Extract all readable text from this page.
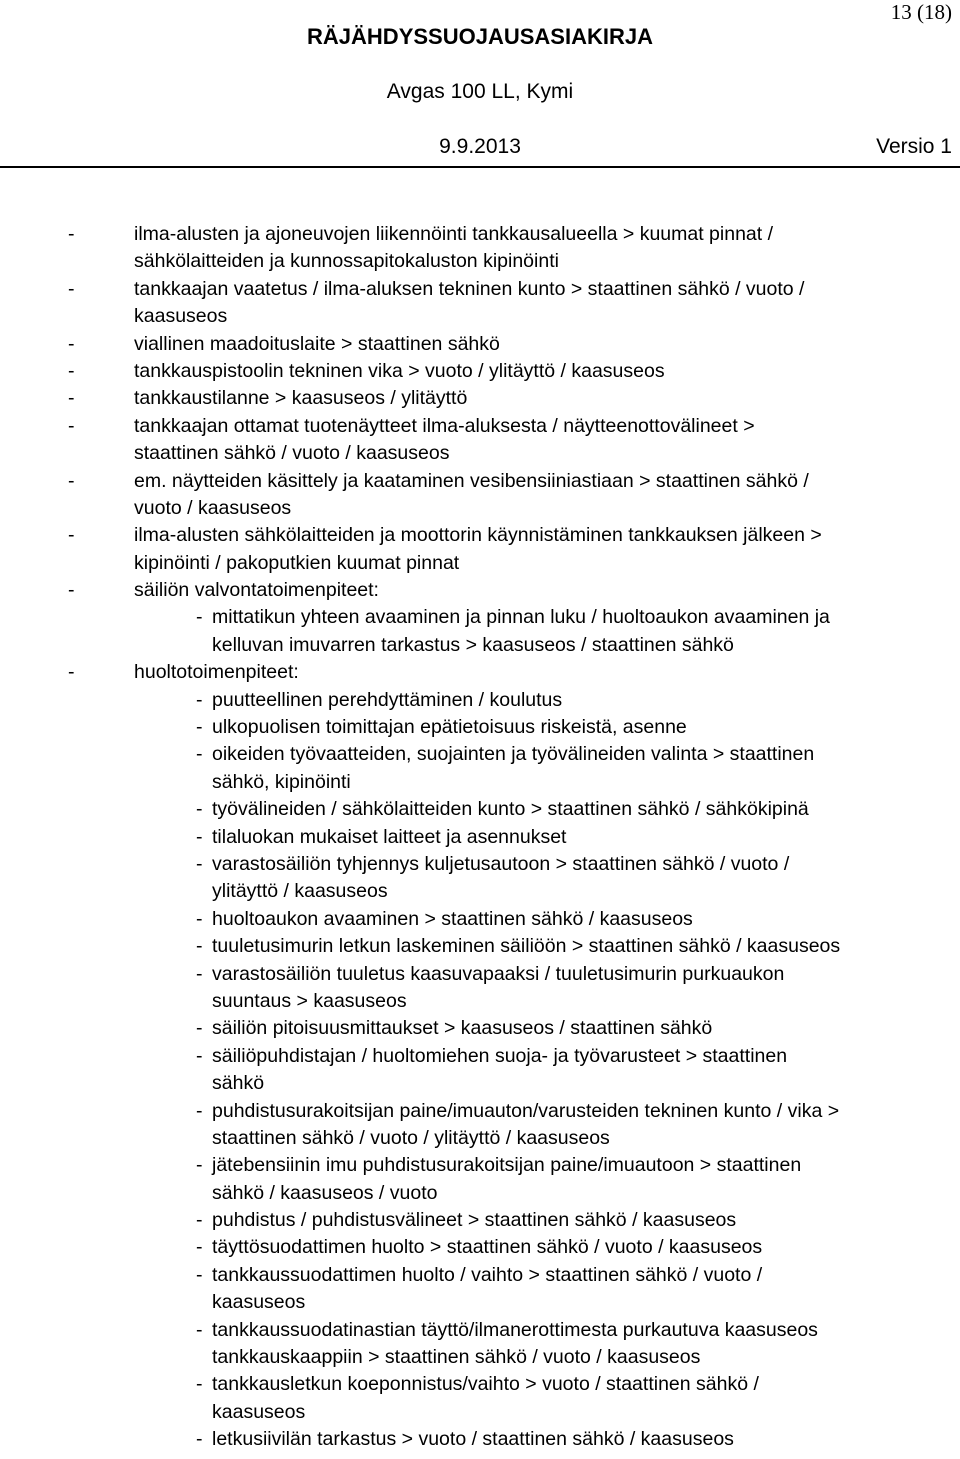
13 (18)
RÄJÄHDYSSUOJAUSASIAKIRJA
Avgas 100 LL, Kymi
9.9.2013	Versio 1
-	ilma-alusten ja ajoneuvojen liikennöinti tankkausalueella > kuumat pinnat /
sähkölaitteiden ja kunnossapitokaluston kipinöinti
-	tankkaajan vaatetus / ilma-aluksen tekninen kunto > staattinen sähkö / vuoto /
kaasuseos
-	viallinen maadoituslaite > staattinen sähkö
-	tankkauspistoolin tekninen vika > vuoto / ylitäyttö / kaasuseos
-	tankkaustilanne > kaasuseos / ylitäyttö
-	tankkaajan ottamat tuotenäytteet ilma-aluksesta / näytteenottovälineet >
staattinen sähkö / vuoto / kaasuseos
-	em. näytteiden käsittely ja kaataminen vesibensiiniastiaan > staattinen sähkö /
vuoto / kaasuseos
-	ilma-alusten sähkölaitteiden ja moottorin käynnistäminen tankkauksen jälkeen >
kipinöinti / pakoputkien kuumat pinnat
-	säiliön valvontatoimenpiteet:
- mittatikun yhteen avaaminen ja pinnan luku / huoltoaukon avaaminen ja
kelluvan imuvarren tarkastus > kaasuseos / staattinen sähkö
-	huoltotoimenpiteet:
- puutteellinen perehdyttäminen / koulutus
- ulkopuolisen toimittajan epätietoisuus riskeistä, asenne
- oikeiden työvaatteiden, suojainten ja työvälineiden valinta > staattinen
sähkö, kipinöinti
- työvälineiden / sähkölaitteiden kunto > staattinen sähkö / sähkökipinä
- tilaluokan mukaiset laitteet ja asennukset
- varastosäiliön tyhjennys kuljetusautoon > staattinen sähkö / vuoto /
ylitäyttö / kaasuseos
- huoltoaukon avaaminen > staattinen sähkö / kaasuseos
- tuuletusimurin letkun laskeminen säiliöön > staattinen sähkö / kaasuseos
- varastosäiliön tuuletus kaasuvapaaksi / tuuletusimurin purkuaukon
suuntaus > kaasuseos
- säiliön pitoisuusmittaukset > kaasuseos / staattinen sähkö
- säiliöpuhdistajan / huoltomiehen suoja- ja työvarusteet > staattinen
sähkö
- puhdistusurakoitsijan paine/imuauton/varusteiden tekninen kunto / vika >
staattinen sähkö / vuoto / ylitäyttö / kaasuseos
- jätebensiinin imu puhdistusurakoitsijan paine/imuautoon > staattinen
sähkö / kaasuseos / vuoto
- puhdistus / puhdistusvälineet > staattinen sähkö / kaasuseos
- täyttösuodattimen huolto > staattinen sähkö / vuoto / kaasuseos
- tankkaussuodattimen huolto / vaihto > staattinen sähkö / vuoto /
kaasuseos
- tankkaussuodatinastian täyttö/ilmanerottimesta purkautuva kaasuseos
tankkauskaappiin > staattinen sähkö / vuoto / kaasuseos
- tankkausletkun koeponnistus/vaihto > vuoto / staattinen sähkö /
kaasuseos
- letkusiivilän tarkastus > vuoto / staattinen sähkö / kaasuseos
